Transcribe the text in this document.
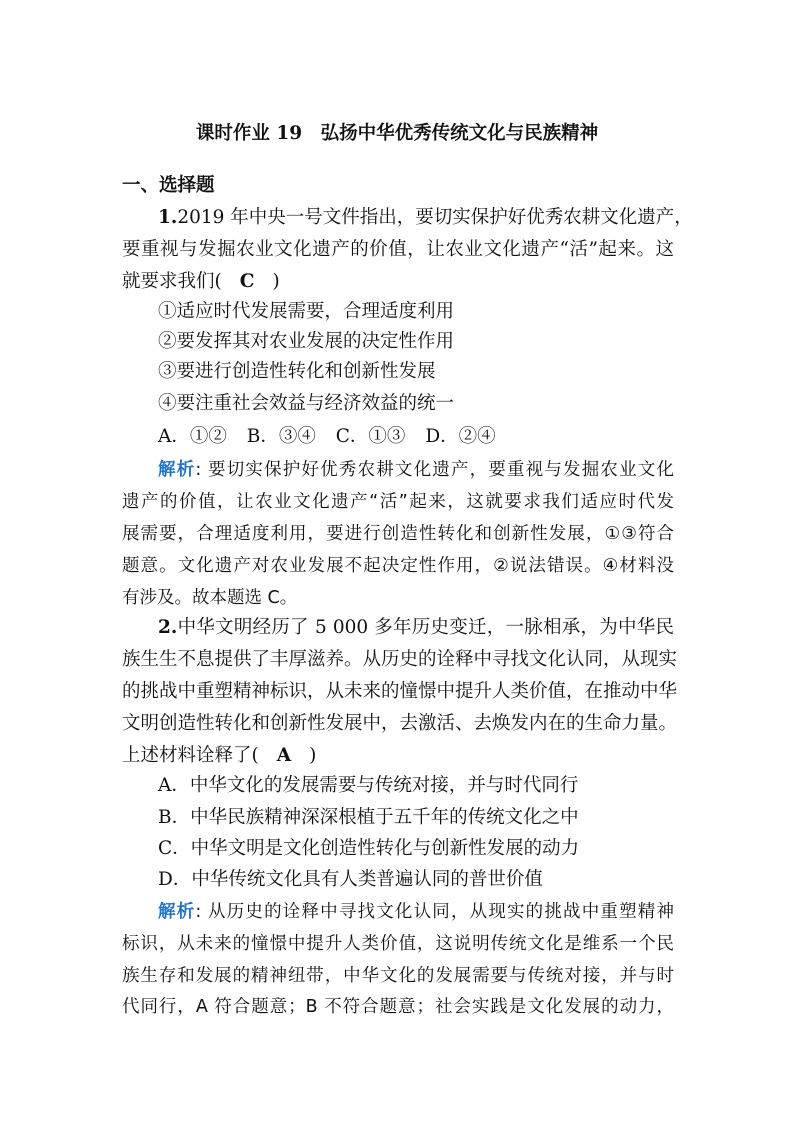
课时作业 19　弘扬中华优秀传统文化与民族精神
一、选择题
1.2019 年中央一号文件指出，要切实保护好优秀农耕文化遗产，
要重视与发掘农业文化遗产的价值，让农业文化遗产“活”起来。这
就要求我们( C )
①适应时代发展需要，合理适度利用
②要发挥其对农业发展的决定性作用
③要进行创造性转化和创新性发展
④要注重社会效益与经济效益的统一
A．①② B．③④ C．①③ D．②④
解析: 要切实保护好优秀农耕文化遗产，要重视与发掘农业文化
遗产的价值，让农业文化遗产“活”起来，这就要求我们适应时代发
展需要，合理适度利用，要进行创造性转化和创新性发展，①③符合
题意。文化遗产对农业发展不起决定性作用，②说法错误。④材料没
有涉及。故本题选 C。
2.中华文明经历了 5 000 多年历史变迁，一脉相承，为中华民
族生生不息提供了丰厚滋养。从历史的诠释中寻找文化认同，从现实
的挑战中重塑精神标识，从未来的憧憬中提升人类价值，在推动中华
文明创造性转化和创新性发展中，去激活、去焕发内在的生命力量。
上述材料诠释了( A )
A．中华文化的发展需要与传统对接，并与时代同行
B．中华民族精神深深根植于五千年的传统文化之中
C．中华文明是文化创造性转化与创新性发展的动力
D．中华传统文化具有人类普遍认同的普世价值
解析: 从历史的诠释中寻找文化认同，从现实的挑战中重塑精神
标识，从未来的憧憬中提升人类价值，这说明传统文化是维系一个民
族生存和发展的精神纽带，中华文化的发展需要与传统对接，并与时
代同行，A 符合题意；B 不符合题意；社会实践是文化发展的动力，
